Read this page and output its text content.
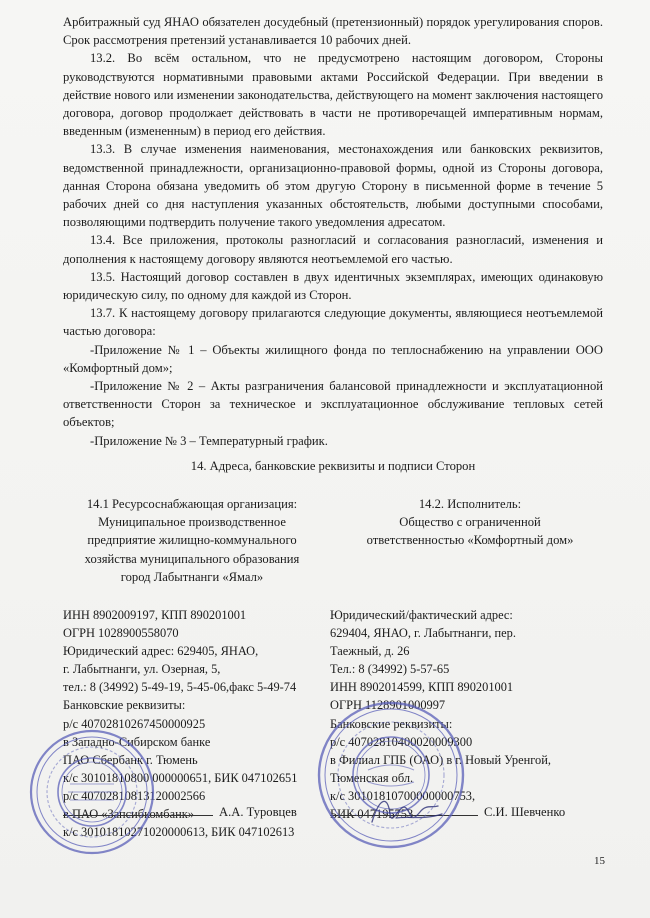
Арбитражный суд ЯНАО обязателен досудебный (претензионный) порядок урегулирования споров. Срок рассмотрения претензий устанавливается 10 рабочих дней.

13.2. Во всём остальном, что не предусмотрено настоящим договором, Стороны руководствуются нормативными правовыми актами Российской Федерации. При введении в действие нового или изменении законодательства, действующего на момент заключения настоящего договора, договор продолжает действовать в части не противоречащей императивным нормам, введенным (измененным) в период его действия.

13.3. В случае изменения наименования, местонахождения или банковских реквизитов, ведомственной принадлежности, организационно-правовой формы, одной из Стороны договора, данная Сторона обязана уведомить об этом другую Сторону в письменной форме в течение 5 рабочих дней со дня наступления указанных обстоятельств, любыми доступными способами, позволяющими подтвердить получение такого уведомления адресатом.

13.4. Все приложения, протоколы разногласий и согласования разногласий, изменения и дополнения к настоящему договору являются неотъемлемой его частью.

13.5. Настоящий договор составлен в двух идентичных экземплярах, имеющих одинаковую юридическую силу, по одному для каждой из Сторон.

13.7. К настоящему договору прилагаются следующие документы, являющиеся неотъемлемой частью договора:

-Приложение № 1 – Объекты жилищного фонда по теплоснабжению на управлении ООО «Комфортный дом»;

-Приложение № 2 – Акты разграничения балансовой принадлежности и эксплуатационной ответственности Сторон за техническое и эксплуатационное обслуживание тепловых сетей объектов;

-Приложение № 3 – Температурный график.

14. Адреса, банковские реквизиты и подписи Сторон
14.1 Ресурсоснабжающая организация:
Муниципальное производственное
предприятие жилищно-коммунального
хозяйства муниципального образования
город Лабытнанги «Ямал»
14.2. Исполнитель:
Общество с ограниченной
ответственностью «Комфортный дом»
ИНН 8902009197, КПП 890201001
ОГРН 1028900558070
Юридический адрес: 629405, ЯНАО,
г. Лабытнанги, ул. Озерная, 5,
тел.: 8 (34992) 5-49-19, 5-45-06,факс 5-49-74
Банковские реквизиты:
р/с 40702810267450000925
в Западно-Сибирском банке
ПАО Сбербанк г. Тюмень
к/с 30101810800 000000651, БИК 047102651
р/с 40702810813120002566
в ПАО «Запсибкомбанк»
к/с 30101810271020000613, БИК 047102613
Юридический/фактический адрес:
629404, ЯНАО, г. Лабытнанги, пер.
Таежный, д. 26
Тел.: 8 (34992) 5-57-65
ИНН 8902014599, КПП 890201001
ОГРН 1128901000997
Банковские реквизиты:
р/с 40702810400020009300
в Филиал ГПБ (ОАО) в г. Новый Уренгой,
Тюменская обл.
к/с 30101810700000000753,
БИК 047195753
А.А. Туровцев	С.И. Шевченко
15
